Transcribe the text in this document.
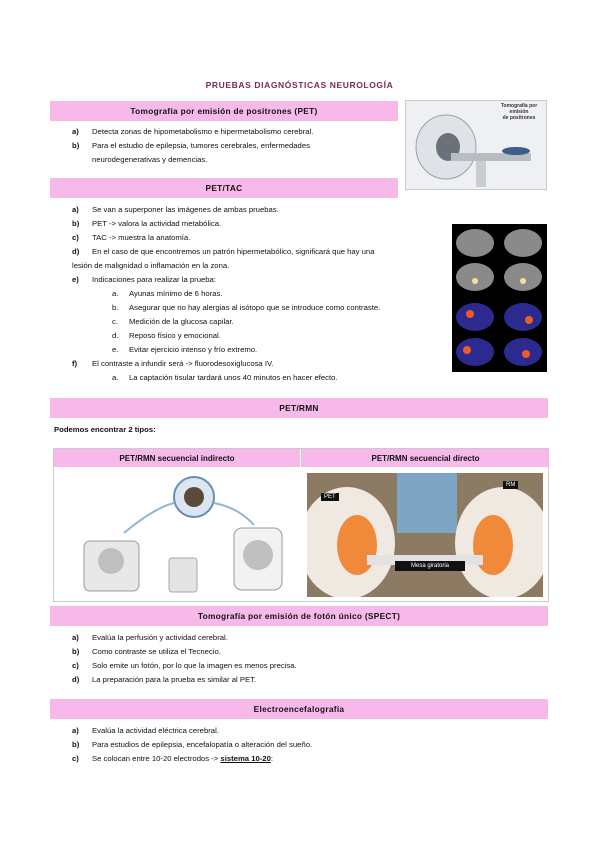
PRUEBAS DIAGNÓSTICAS NEUROLOGÍA
Tomografía por emisión de positrones (PET)
a) Detecta zonas de hipometabolismo e hipermetabolismo cerebral.
b) Para el estudio de epilepsia, tumores cerebrales, enfermedades
neurodegenerativas y demencias.
Tomografía por emisión
de positrones
PET/TAC
a) Se van a superponer las imágenes de ambas pruebas.
b) PET -> valora la actividad metabólica.
c) TAC -> muestra la anatomía.
d) En el caso de que encontremos un patrón hipermetabólico, significará que hay una
lesión de malignidad o inflamación en la zona.
e) Indicaciones para realizar la prueba:
a. Ayunas mínimo de 6 horas.
b. Asegurar que no hay alergias al isótopo que se introduce como contraste.
c. Medición de la glucosa capilar.
d. Reposo físico y emocional.
e. Evitar ejercicio intenso y frío extremo.
f) El contraste a infundir será -> fluorodesoxiglucosa IV.
a. La captación tisular tardará unos 40 minutos en hacer efecto.
PET/RMN
Podemos encontrar 2 tipos:
PET/RMN secuencial indirecto	PET/RMN secuencial directo
PET
RM
Mesa giratoria
Tomografía por emisión de fotón único (SPECT)
a) Evalúa la perfusión y actividad cerebral.
b) Como contraste se utiliza el Tecnecio.
c) Solo emite un fotón, por lo que la imagen es menos precisa.
d) La preparación para la prueba es similar al PET.
Electroencefalografía
a) Evalúa la actividad eléctrica cerebral.
b) Para estudios de epilepsia, encefalopatía o alteración del sueño.
c) Se colocan entre 10-20 electrodos -> sistema 10-20:
